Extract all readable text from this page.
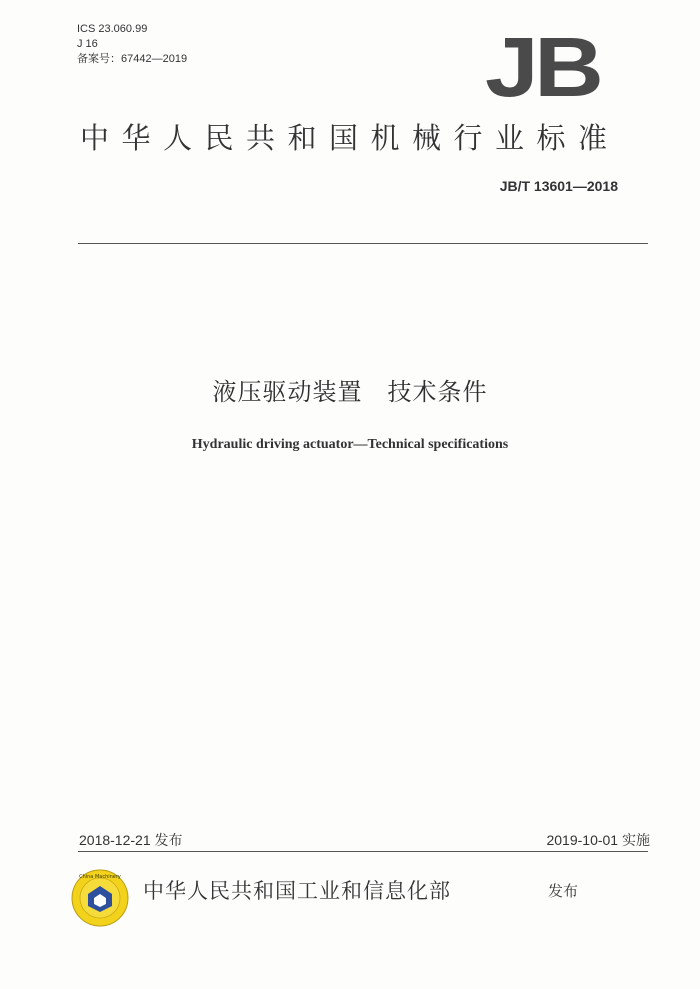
ICS 23.060.99
J 16
备案号：67442—2019	JB
中华人民共和国机械行业标准
JB/T 13601—2018
液压驱动装置　技术条件
Hydraulic driving actuator—Technical specifications
2018-12-21 发布	2019-10-01 实施
China Machinery
中华人民共和国工业和信息化部	发布
